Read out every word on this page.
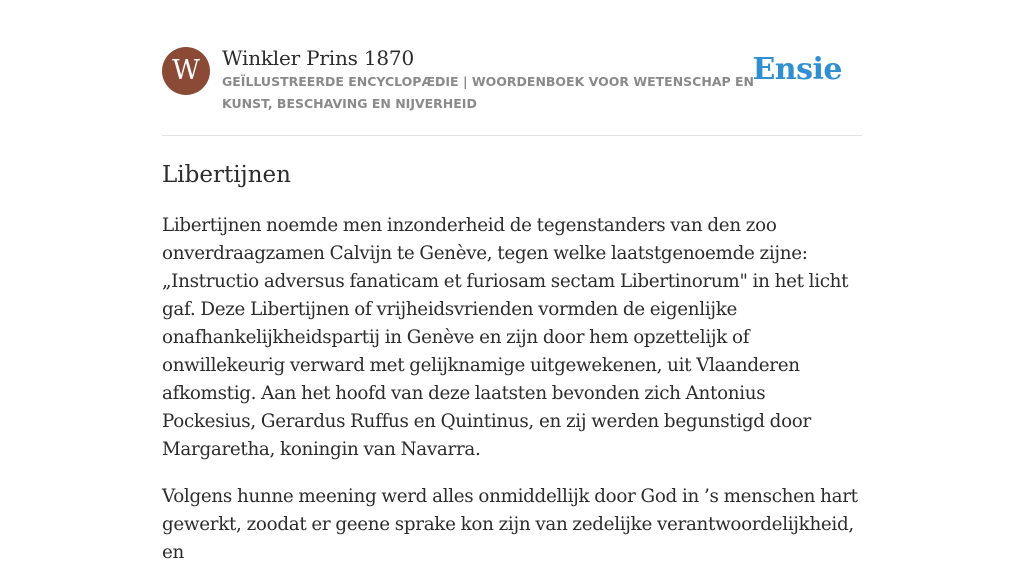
W	Winkler Prins 1870
GEÏLLUSTREERDE ENCYCLOPÆDIE | WOORDENBOEK VOOR WETENSCHAP EN KUNST, BESCHAVING EN NIJVERHEID
Ensie
Libertijnen

Libertijnen noemde men inzonderheid de tegenstanders van den zoo onverdraagzamen Calvijn te Genève, tegen welke laatstgenoemde zijne: „Instructio adversus fanaticam et furiosam sectam Libertinorum" in het licht gaf. Deze Libertijnen of vrijheidsvrienden vormden de eigenlijke onafhankelijkheidspartij in Genève en zijn door hem opzettelijk of onwillekeurig verward met gelijknamige uitgewekenen, uit Vlaanderen afkomstig. Aan het hoofd van deze laatsten bevonden zich Antonius Pockesius, Gerardus Ruffus en Quintinus, en zij werden begunstigd door Margaretha, koningin van Navarra.

Volgens hunne meening werd alles onmiddellijk door God in ’s menschen hart gewerkt, zoodat er geene sprake kon zijn van zedelijke verantwoordelijkheid, en
